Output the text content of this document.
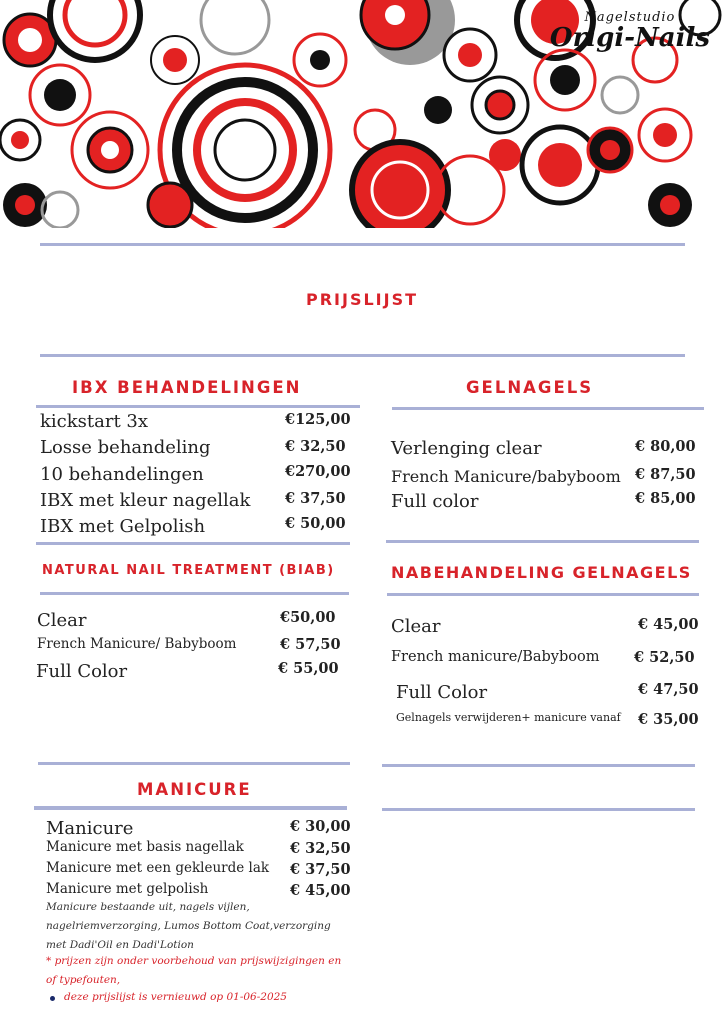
Nagelstudio
Origi-Nails
PRIJSLIJST
IBX BEHANDELINGEN
kickstart 3x	€125,00
Losse behandeling	€ 32,50
10 behandelingen	€270,00
IBX met kleur nagellak € 37,50
IBX met Gelpolish	€ 50,00
GELNAGELS
Verlenging clear	€ 80,00
French Manicure/babyboom € 87,50
Full color	€ 85,00
NATURAL NAIL TREATMENT (BIAB)
Clear	€50,00
French Manicure/ Babyboom	€ 57,50
Full Color	€ 55,00
NABEHANDELING GELNAGELS
Clear	€ 45,00
French manicure/Babyboom € 52,50
Full Color	€ 47,50
Gelnagels verwijderen+ manicure vanaf € 35,00
MANICURE
Manicure	€ 30,00
Manicure met basis nagellak	€ 32,50
Manicure met een gekleurde lak € 37,50
Manicure met gelpolish	€ 45,00
Manicure bestaande uit, nagels vijlen, nagelriemverzorging, Lumos Bottom Coat,verzorging met Dadi'Oil en Dadi'Lotion
* prijzen zijn onder voorbehoud van prijswijzigingen en of typefouten,
deze prijslijst is vernieuwd op 01-06-2025
